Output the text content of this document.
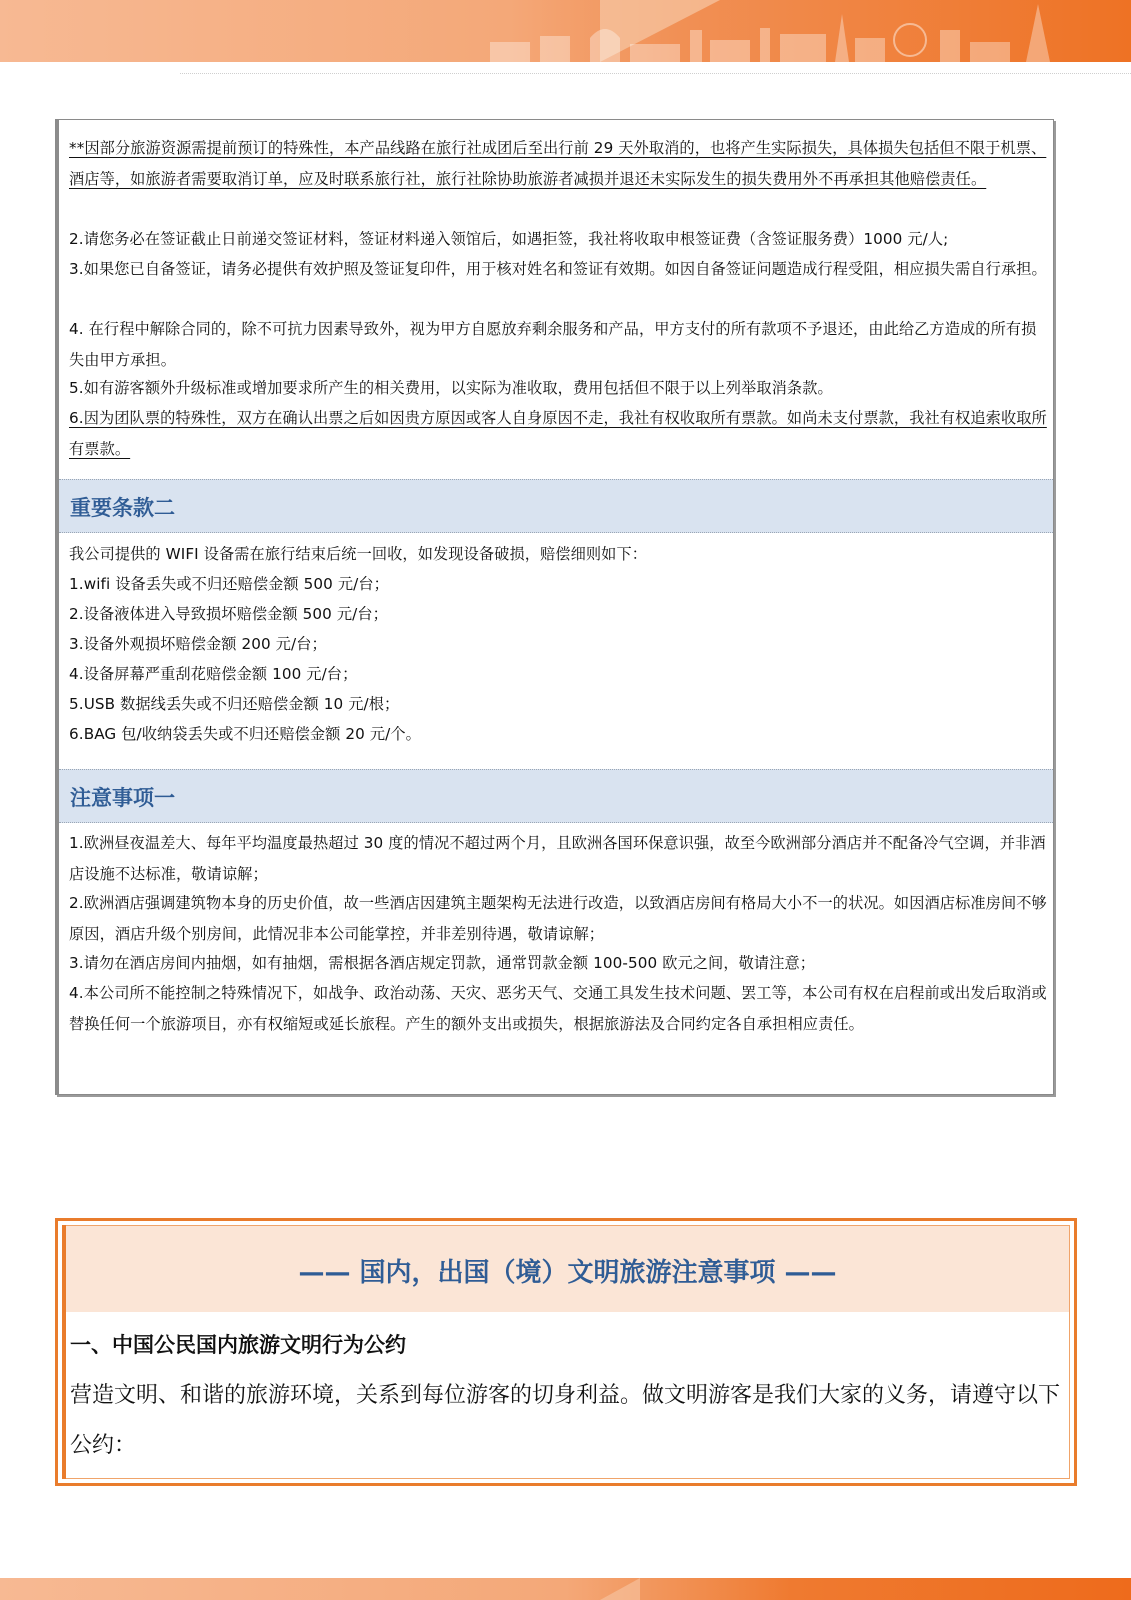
**因部分旅游资源需提前预订的特殊性，本产品线路在旅行社成团后至出行前 29 天外取消的，也将产生实际损失，具体损失包括但不限于机票、酒店等，如旅游者需要取消订单，应及时联系旅行社，旅行社除协助旅游者减损并退还未实际发生的损失费用外不再承担其他赔偿责任。
2.请您务必在签证截止日前递交签证材料，签证材料递入领馆后，如遇拒签，我社将收取申根签证费（含签证服务费）1000 元/人;
3.如果您已自备签证，请务必提供有效护照及签证复印件，用于核对姓名和签证有效期。如因自备签证问题造成行程受阻，相应损失需自行承担。
4. 在行程中解除合同的，除不可抗力因素导致外，视为甲方自愿放弃剩余服务和产品，甲方支付的所有款项不予退还，由此给乙方造成的所有损失由甲方承担。
5.如有游客额外升级标准或增加要求所产生的相关费用，以实际为准收取，费用包括但不限于以上列举取消条款。
6.因为团队票的特殊性，双方在确认出票之后如因贵方原因或客人自身原因不走，我社有权收取所有票款。如尚未支付票款，我社有权追索收取所有票款。
重要条款二
我公司提供的 WIFI 设备需在旅行结束后统一回收，如发现设备破损，赔偿细则如下：
1.wifi 设备丢失或不归还赔偿金额 500 元/台；
2.设备液体进入导致损坏赔偿金额 500 元/台；
3.设备外观损坏赔偿金额 200 元/台；
4.设备屏幕严重刮花赔偿金额 100 元/台；
5.USB 数据线丢失或不归还赔偿金额 10 元/根；
6.BAG 包/收纳袋丢失或不归还赔偿金额 20 元/个。
注意事项一
1.欧洲昼夜温差大、每年平均温度最热超过 30 度的情况不超过两个月，且欧洲各国环保意识强，故至今欧洲部分酒店并不配备冷气空调，并非酒店设施不达标准，敬请谅解；
2.欧洲酒店强调建筑物本身的历史价值，故一些酒店因建筑主题架构无法进行改造，以致酒店房间有格局大小不一的状况。如因酒店标准房间不够原因，酒店升级个别房间，此情况非本公司能掌控，并非差别待遇，敬请谅解；
3.请勿在酒店房间内抽烟，如有抽烟，需根据各酒店规定罚款，通常罚款金额 100-500 欧元之间，敬请注意；
4.本公司所不能控制之特殊情况下，如战争、政治动荡、天灾、恶劣天气、交通工具发生技术问题、罢工等，本公司有权在启程前或出发后取消或替换任何一个旅游项目，亦有权缩短或延长旅程。产生的额外支出或损失，根据旅游法及合同约定各自承担相应责任。
—— 国内，出国（境）文明旅游注意事项 ——
一、中国公民国内旅游文明行为公约
营造文明、和谐的旅游环境，关系到每位游客的切身利益。做文明游客是我们大家的义务，请遵守以下公约：
